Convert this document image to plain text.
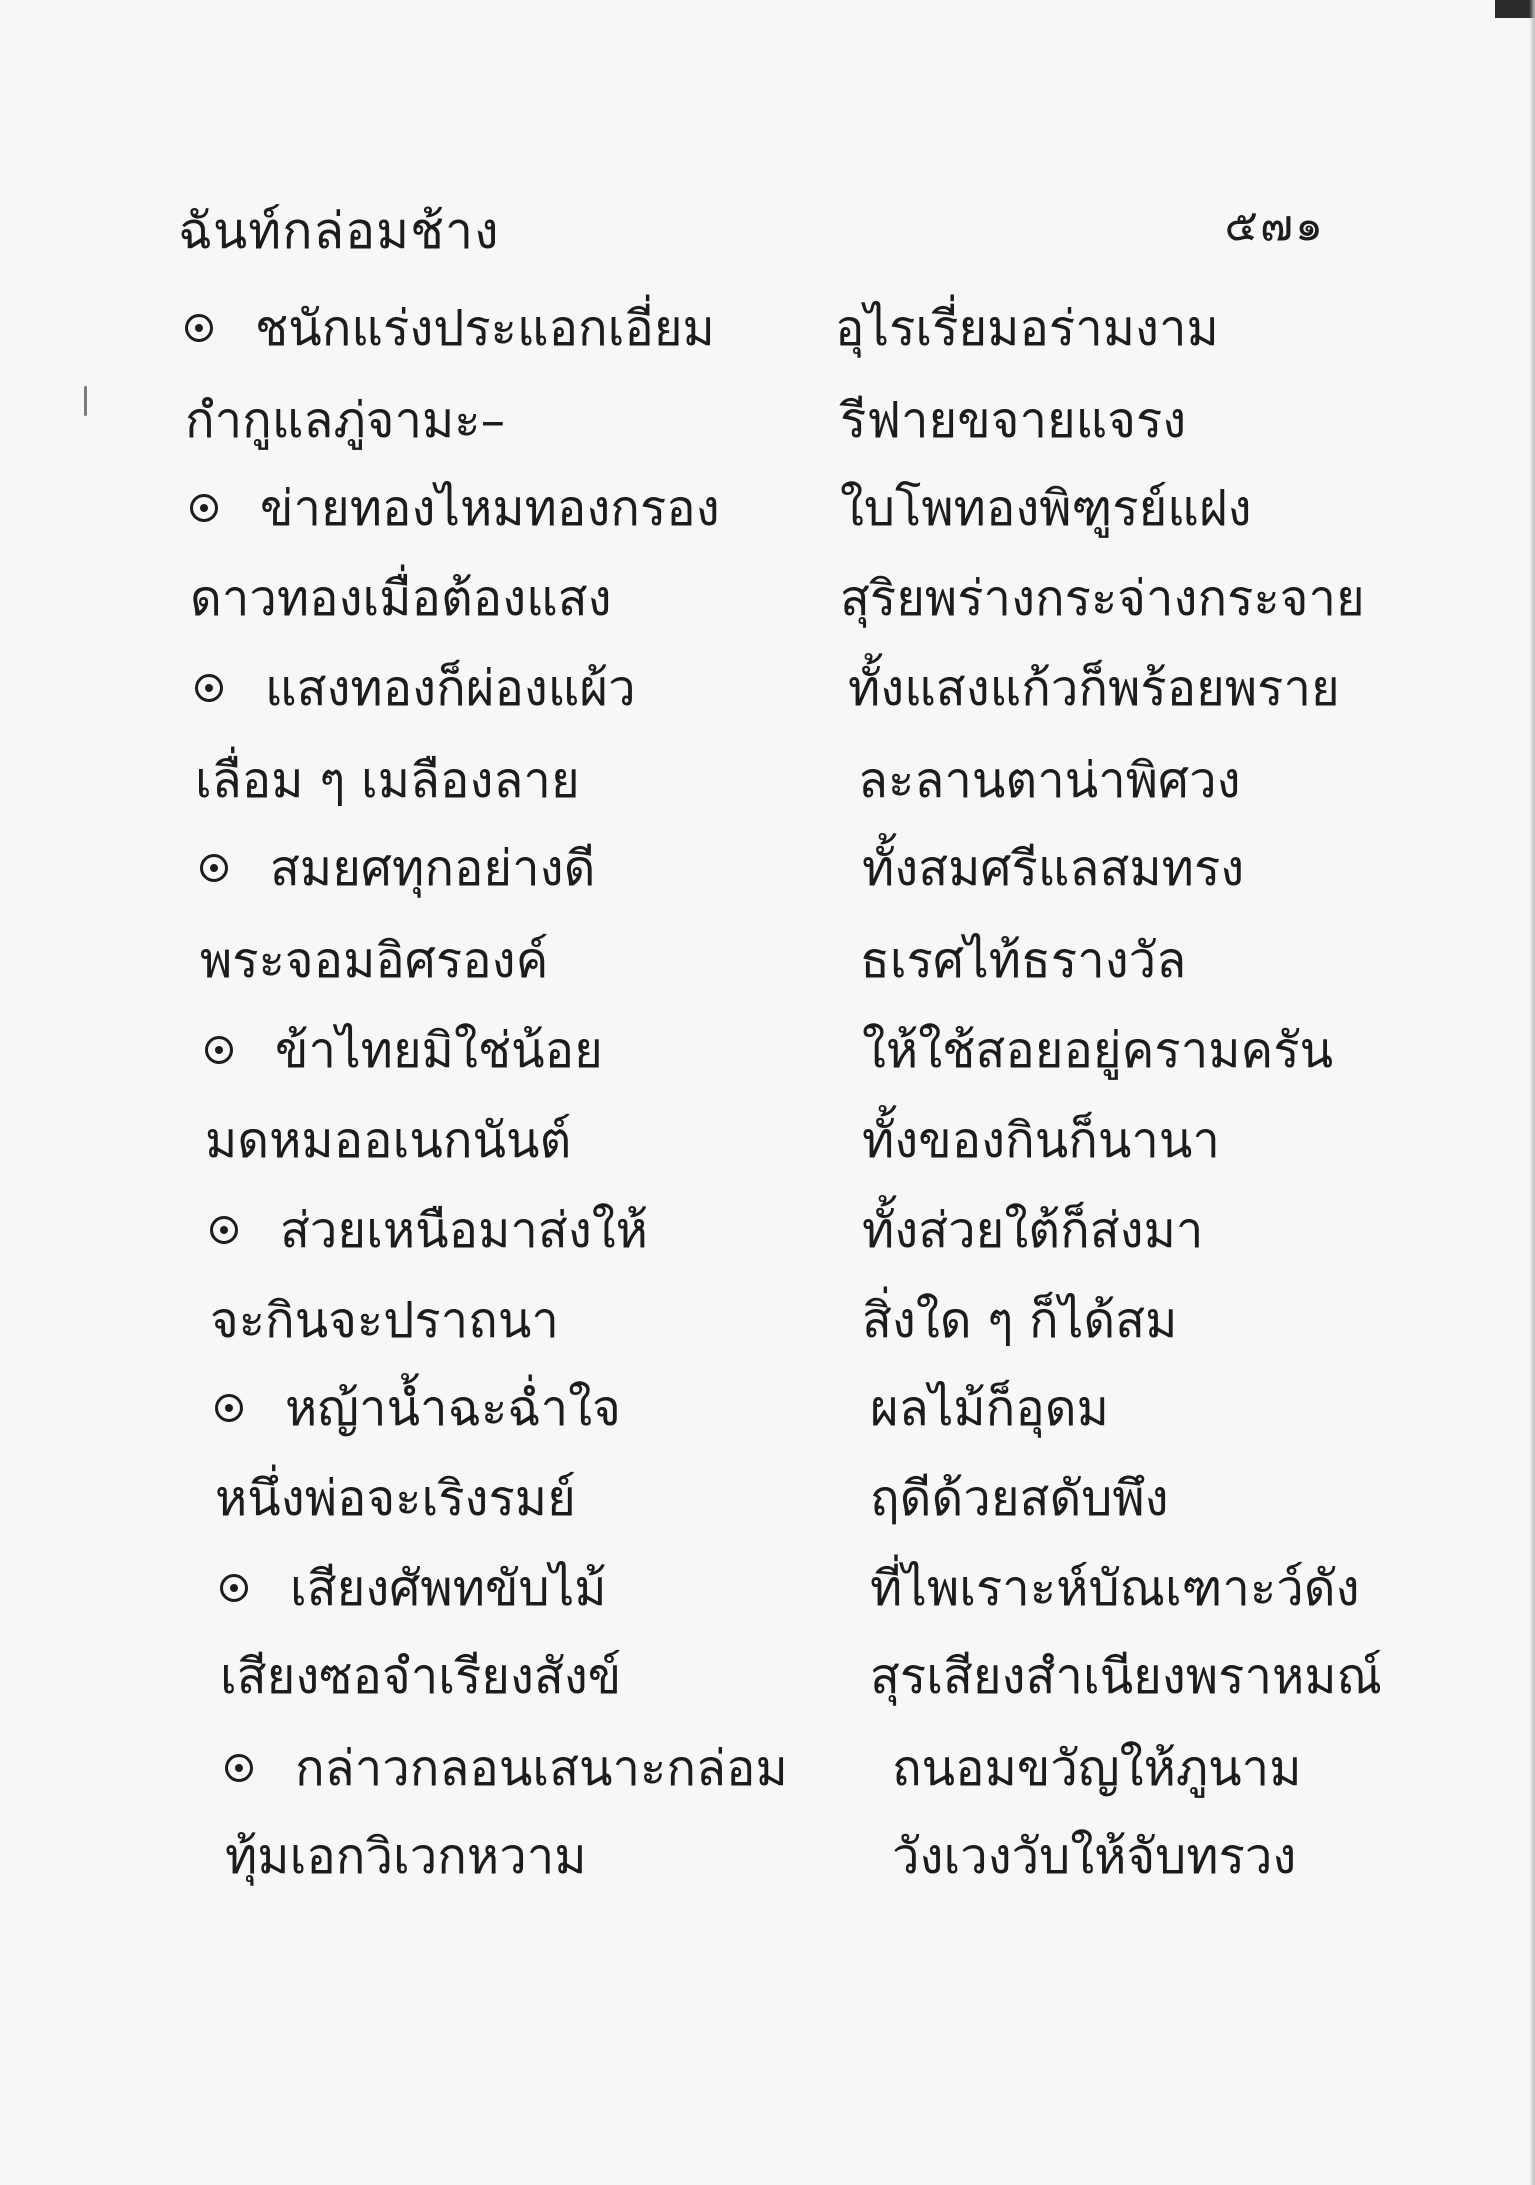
ฉันท์กล่อมช้าง	๕๗๑
ชนักแร่งประแอกเอี่ยม อุไรเรี่ยมอร่ามงาม
กำกูแลภู่จามะ–	รีฟายขจายแจรง
ข่ายทองไหมทองกรอง ใบโพทองพิฑูรย์แฝง
ดาวทองเมื่อต้องแสง	สุริยพร่างกระจ่างกระจาย
แสงทองก็ผ่องแผ้ว	ทั้งแสงแก้วก็พร้อยพราย
เลื่อม ๆ เมลืองลาย	ละลานตาน่าพิศวง
สมยศทุกอย่างดี	ทั้งสมศรีแลสมทรง
พระจอมอิศรองค์	ธเรศไท้ธรางวัล
ข้าไทยมิใช่น้อย	ให้ใช้สอยอยู่ครามครัน
มดหมออเนกนันต์	ทั้งของกินก็นานา
ส่วยเหนือมาส่งให้	ทั้งส่วยใต้ก็ส่งมา
จะกินจะปราถนา	สิ่งใด ๆ ก็ได้สม
หญ้าน้ำฉะฉ่ำใจ	ผลไม้ก็อุดม
หนึ่งพ่อจะเริงรมย์	ฤดีด้วยสดับพึง
เสียงศัพทขับไม้	ที่ไพเราะห์บัณเฑาะว์ดัง
เสียงซอจำเรียงสังข์	สุรเสียงสำเนียงพราหมณ์
กล่าวกลอนเสนาะกล่อม ถนอมขวัญให้ภูนาม
ทุ้มเอกวิเวกหวาม	วังเวงวับให้จับทรวง
